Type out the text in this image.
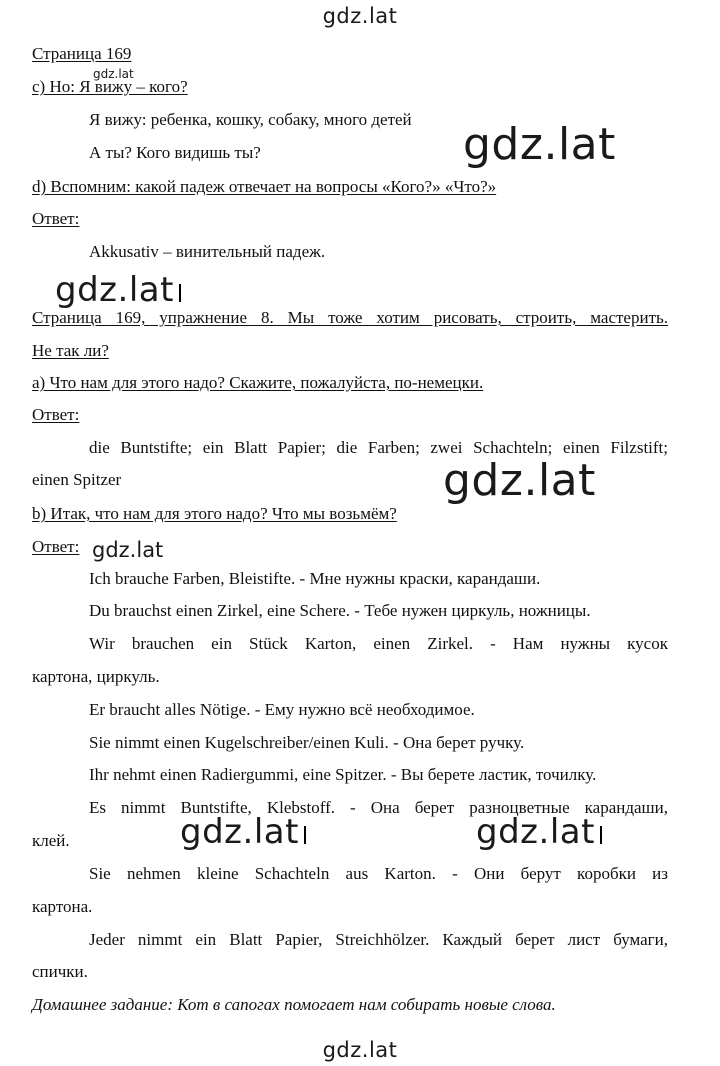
gdz.lat
Страница 169
c) Но: Я вижу – кого?
gdz.lat
Я вижу: ребенка, кошку, собаку, много детей
А ты? Кого видишь ты?	gdz.lat
d) Вспомним: какой падеж отвечает на вопросы «Кого?» «Что?»
Ответ:
Akkusativ – винительный падеж.
gdz.lat
Страница 169, упражнение 8. Мы тоже хотим рисовать, строить, мастерить.
Не так ли?
a) Что нам для этого надо? Скажите, пожалуйста, по-немецки.
Ответ:
die Buntstifte; ein Blatt Papier; die Farben; zwei Schachteln; einen Filzstift;
einen Spitzer	gdz.lat
b) Итак, что нам для этого надо? Что мы возьмём?
Ответ: gdz.lat
Ich brauche Farben, Bleistifte. - Мне нужны краски, карандаши.
Du brauchst einen Zirkel, eine Schere. - Тебе нужен циркуль, ножницы.
Wir brauchen ein Stück Karton, einen Zirkel. - Нам нужны кусок
картона, циркуль.
Er braucht alles Nötige. - Ему нужно всё необходимое.
Sie nimmt einen Kugelschreiber/einen Kuli. - Она берет ручку.
Ihr nehmt einen Radiergummi, eine Spitzer. - Вы берете ластик, точилку.
Es nimmt Buntstifte, Klebstoff. - Она берет разноцветные карандаши,
клей.	gdz.lat	gdz.lat
Sie nehmen kleine Schachteln aus Karton. - Они берут коробки из
картона.
Jeder nimmt ein Blatt Papier, Streichhölzer. Каждый берет лист бумаги,
спички.
Домашнее задание: Кот в сапогах помогает нам собирать новые слова.
gdz.lat
